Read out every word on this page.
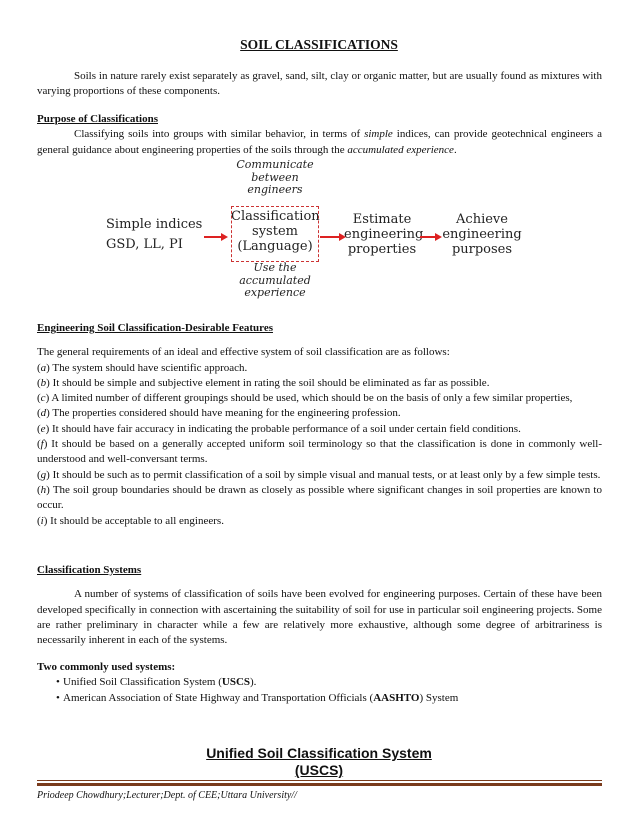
SOIL CLASSIFICATIONS
Soils in nature rarely exist separately as gravel, sand, silt, clay or organic matter, but are usually found as mixtures with varying proportions of these components.
Purpose of Classifications
Classifying soils into groups with similar behavior, in terms of simple indices, can provide geotechnical engineers a general guidance about engineering properties of the soils through the accumulated experience.
Communicate
between
engineers
Simple indices
GSD, LL, PI
Classification
system
(Language)
Estimate
engineering
properties
Achieve
engineering
purposes
Use the
accumulated
experience
Engineering Soil Classification-Desirable Features
The general requirements of an ideal and effective system of soil classification are as follows:
(a) The system should have scientific approach.
(b) It should be simple and subjective element in rating the soil should be eliminated as far as possible.
(c) A limited number of different groupings should be used, which should be on the basis of only a few similar properties,
(d) The properties considered should have meaning for the engineering profession.
(e) It should have fair accuracy in indicating the probable performance of a soil under certain field conditions.
(f) It should be based on a generally accepted uniform soil terminology so that the classification is done in commonly well-understood and well-conversant terms.
(g) It should be such as to permit classification of a soil by simple visual and manual tests, or at least only by a few simple tests.
(h) The soil group boundaries should be drawn as closely as possible where significant changes in soil properties are known to occur.
(i) It should be acceptable to all engineers.
Classification Systems
A number of systems of classification of soils have been evolved for engineering purposes. Certain of these have been developed specifically in connection with ascertaining the suitability of soil for use in particular soil engineering projects. Some are rather preliminary in character while a few are relatively more exhaustive, although some degree of arbitrariness is necessarily inherent in each of the systems.
Two commonly used systems:
• Unified Soil Classification System (USCS).
• American Association of State Highway and Transportation Officials (AASHTO) System
Unified Soil Classification System
(USCS)
Priodeep Chowdhury;Lecturer;Dept. of CEE;Uttara University//
